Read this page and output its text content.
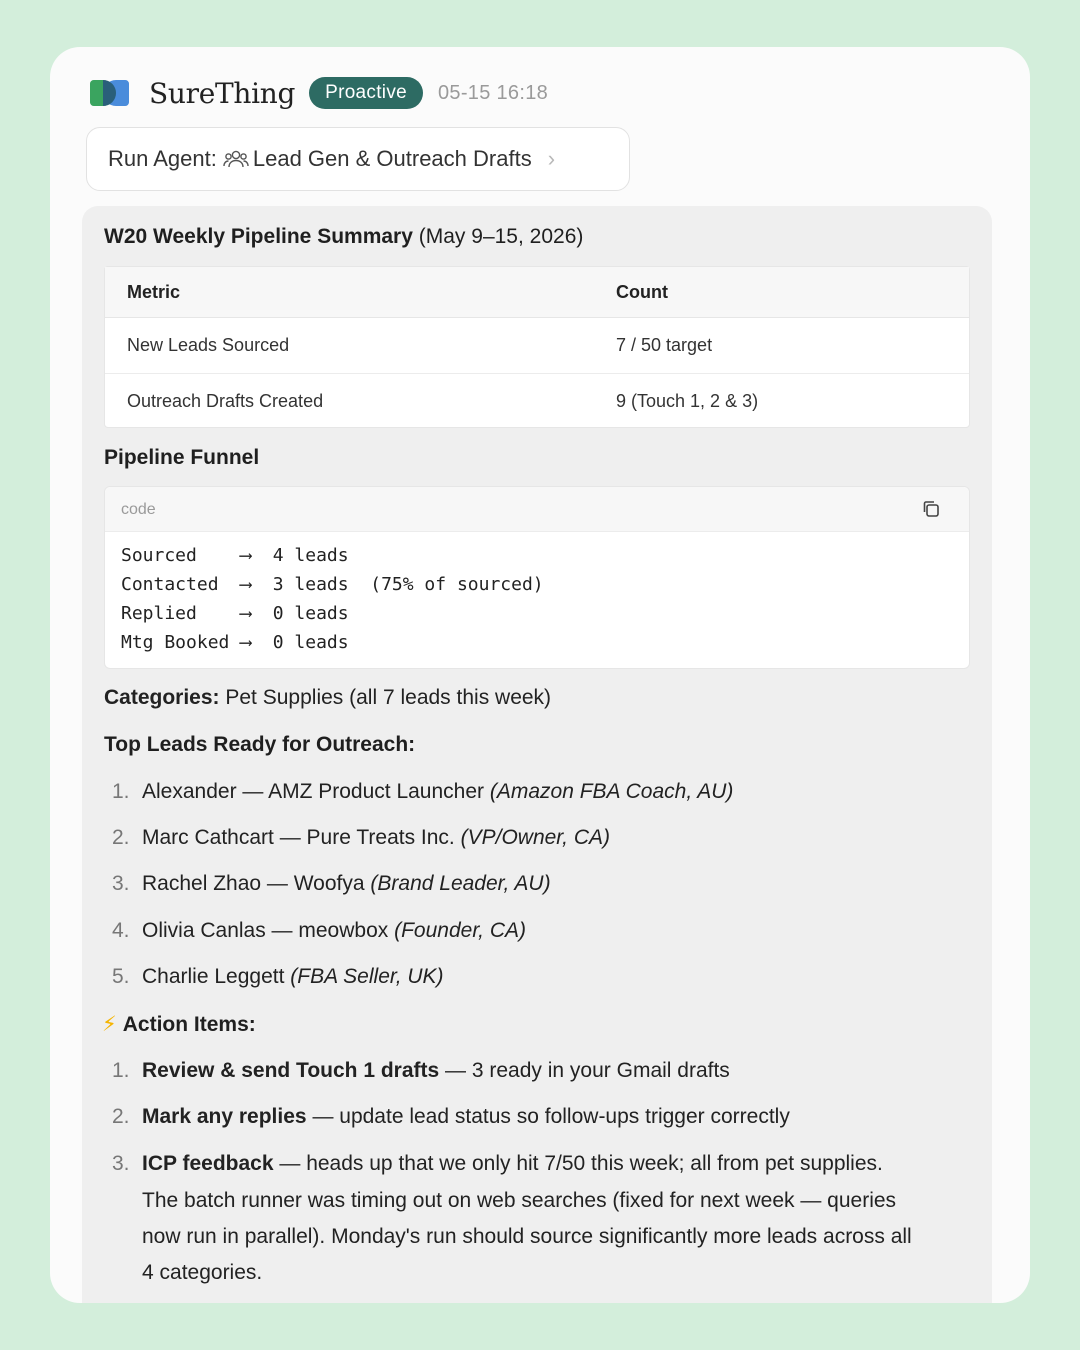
SureThing	Proactive	05-15 16:18
Run Agent: Lead Gen & Outreach Drafts ›
W20 Weekly Pipeline Summary (May 9–15, 2026)
Metric	Count
New Leads Sourced	7 / 50 target
Outreach Drafts Created	9 (Touch 1, 2 & 3)
Pipeline Funnel
code
Sourced    ⟶  4 leads
Contacted  ⟶  3 leads  (75% of sourced)
Replied    ⟶  0 leads
Mtg Booked ⟶  0 leads
Categories: Pet Supplies (all 7 leads this week)
Top Leads Ready for Outreach:
1. Alexander — AMZ Product Launcher (Amazon FBA Coach, AU)
2. Marc Cathcart — Pure Treats Inc. (VP/Owner, CA)
3. Rachel Zhao — Woofya (Brand Leader, AU)
4. Olivia Canlas — meowbox (Founder, CA)
5. Charlie Leggett (FBA Seller, UK)
⚡ Action Items:
1. Review & send Touch 1 drafts — 3 ready in your Gmail drafts
2. Mark any replies — update lead status so follow-ups trigger correctly
3. ICP feedback — heads up that we only hit 7/50 this week; all from pet supplies.
The batch runner was timing out on web searches (fixed for next week — queries
now run in parallel). Monday's run should source significantly more leads across all
4 categories.
